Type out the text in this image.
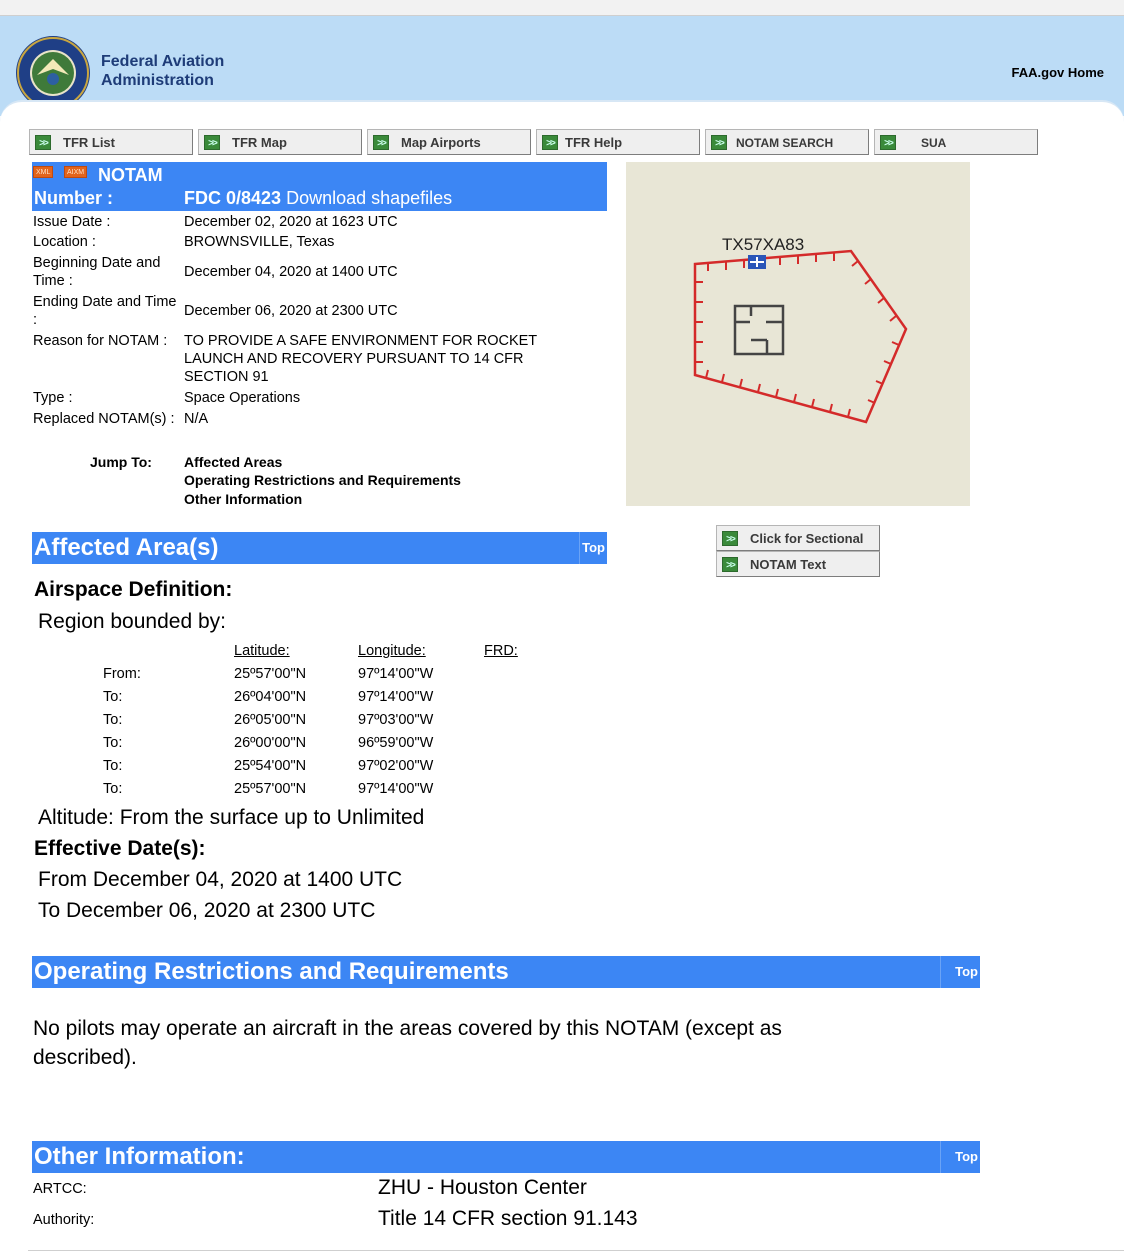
Federal Aviation
Administration	FAA.gov Home
>>	TFR List	>>	TFR Map	>>	Map Airports	>> TFR Help	>>	NOTAM SEARCH	>>	SUA
XML	AIXM NOTAM
Number :	FDC 0/8423 Download shapefiles
Issue Date :	December 02, 2020 at 1623 UTC
Location :	BROWNSVILLE, Texas
Beginning Date and
Time :
December 04, 2020 at 1400 UTC
Ending Date and Time
:
December 06, 2020 at 2300 UTC
Reason for NOTAM : TO PROVIDE A SAFE ENVIRONMENT FOR ROCKET
LAUNCH AND RECOVERY PURSUANT TO 14 CFR
SECTION 91
Type :	Space Operations
Replaced NOTAM(s) : N/A
Jump To: Affected Areas
Operating Restrictions and Requirements
Other Information
TX57XA83
>>	Click for Sectional
>>	NOTAM Text
Affected Area(s)	Top
Airspace Definition:
Region bounded by:
Latitude:	Longitude:	FRD:
From:	25º57'00"N	97º14'00"W
To:	26º04'00"N	97º14'00"W
To:	26º05'00"N	97º03'00"W
To:	26º00'00"N	96º59'00"W
To:	25º54'00"N	97º02'00"W
To:	25º57'00"N	97º14'00"W
Altitude: From the surface up to Unlimited
Effective Date(s):
From December 04, 2020 at 1400 UTC
To December 06, 2020 at 2300 UTC
Operating Restrictions and Requirements	Top
No pilots may operate an aircraft in the areas covered by this NOTAM (except as described).
Other Information:	Top
ARTCC:	ZHU - Houston Center
Authority:	Title 14 CFR section 91.143
